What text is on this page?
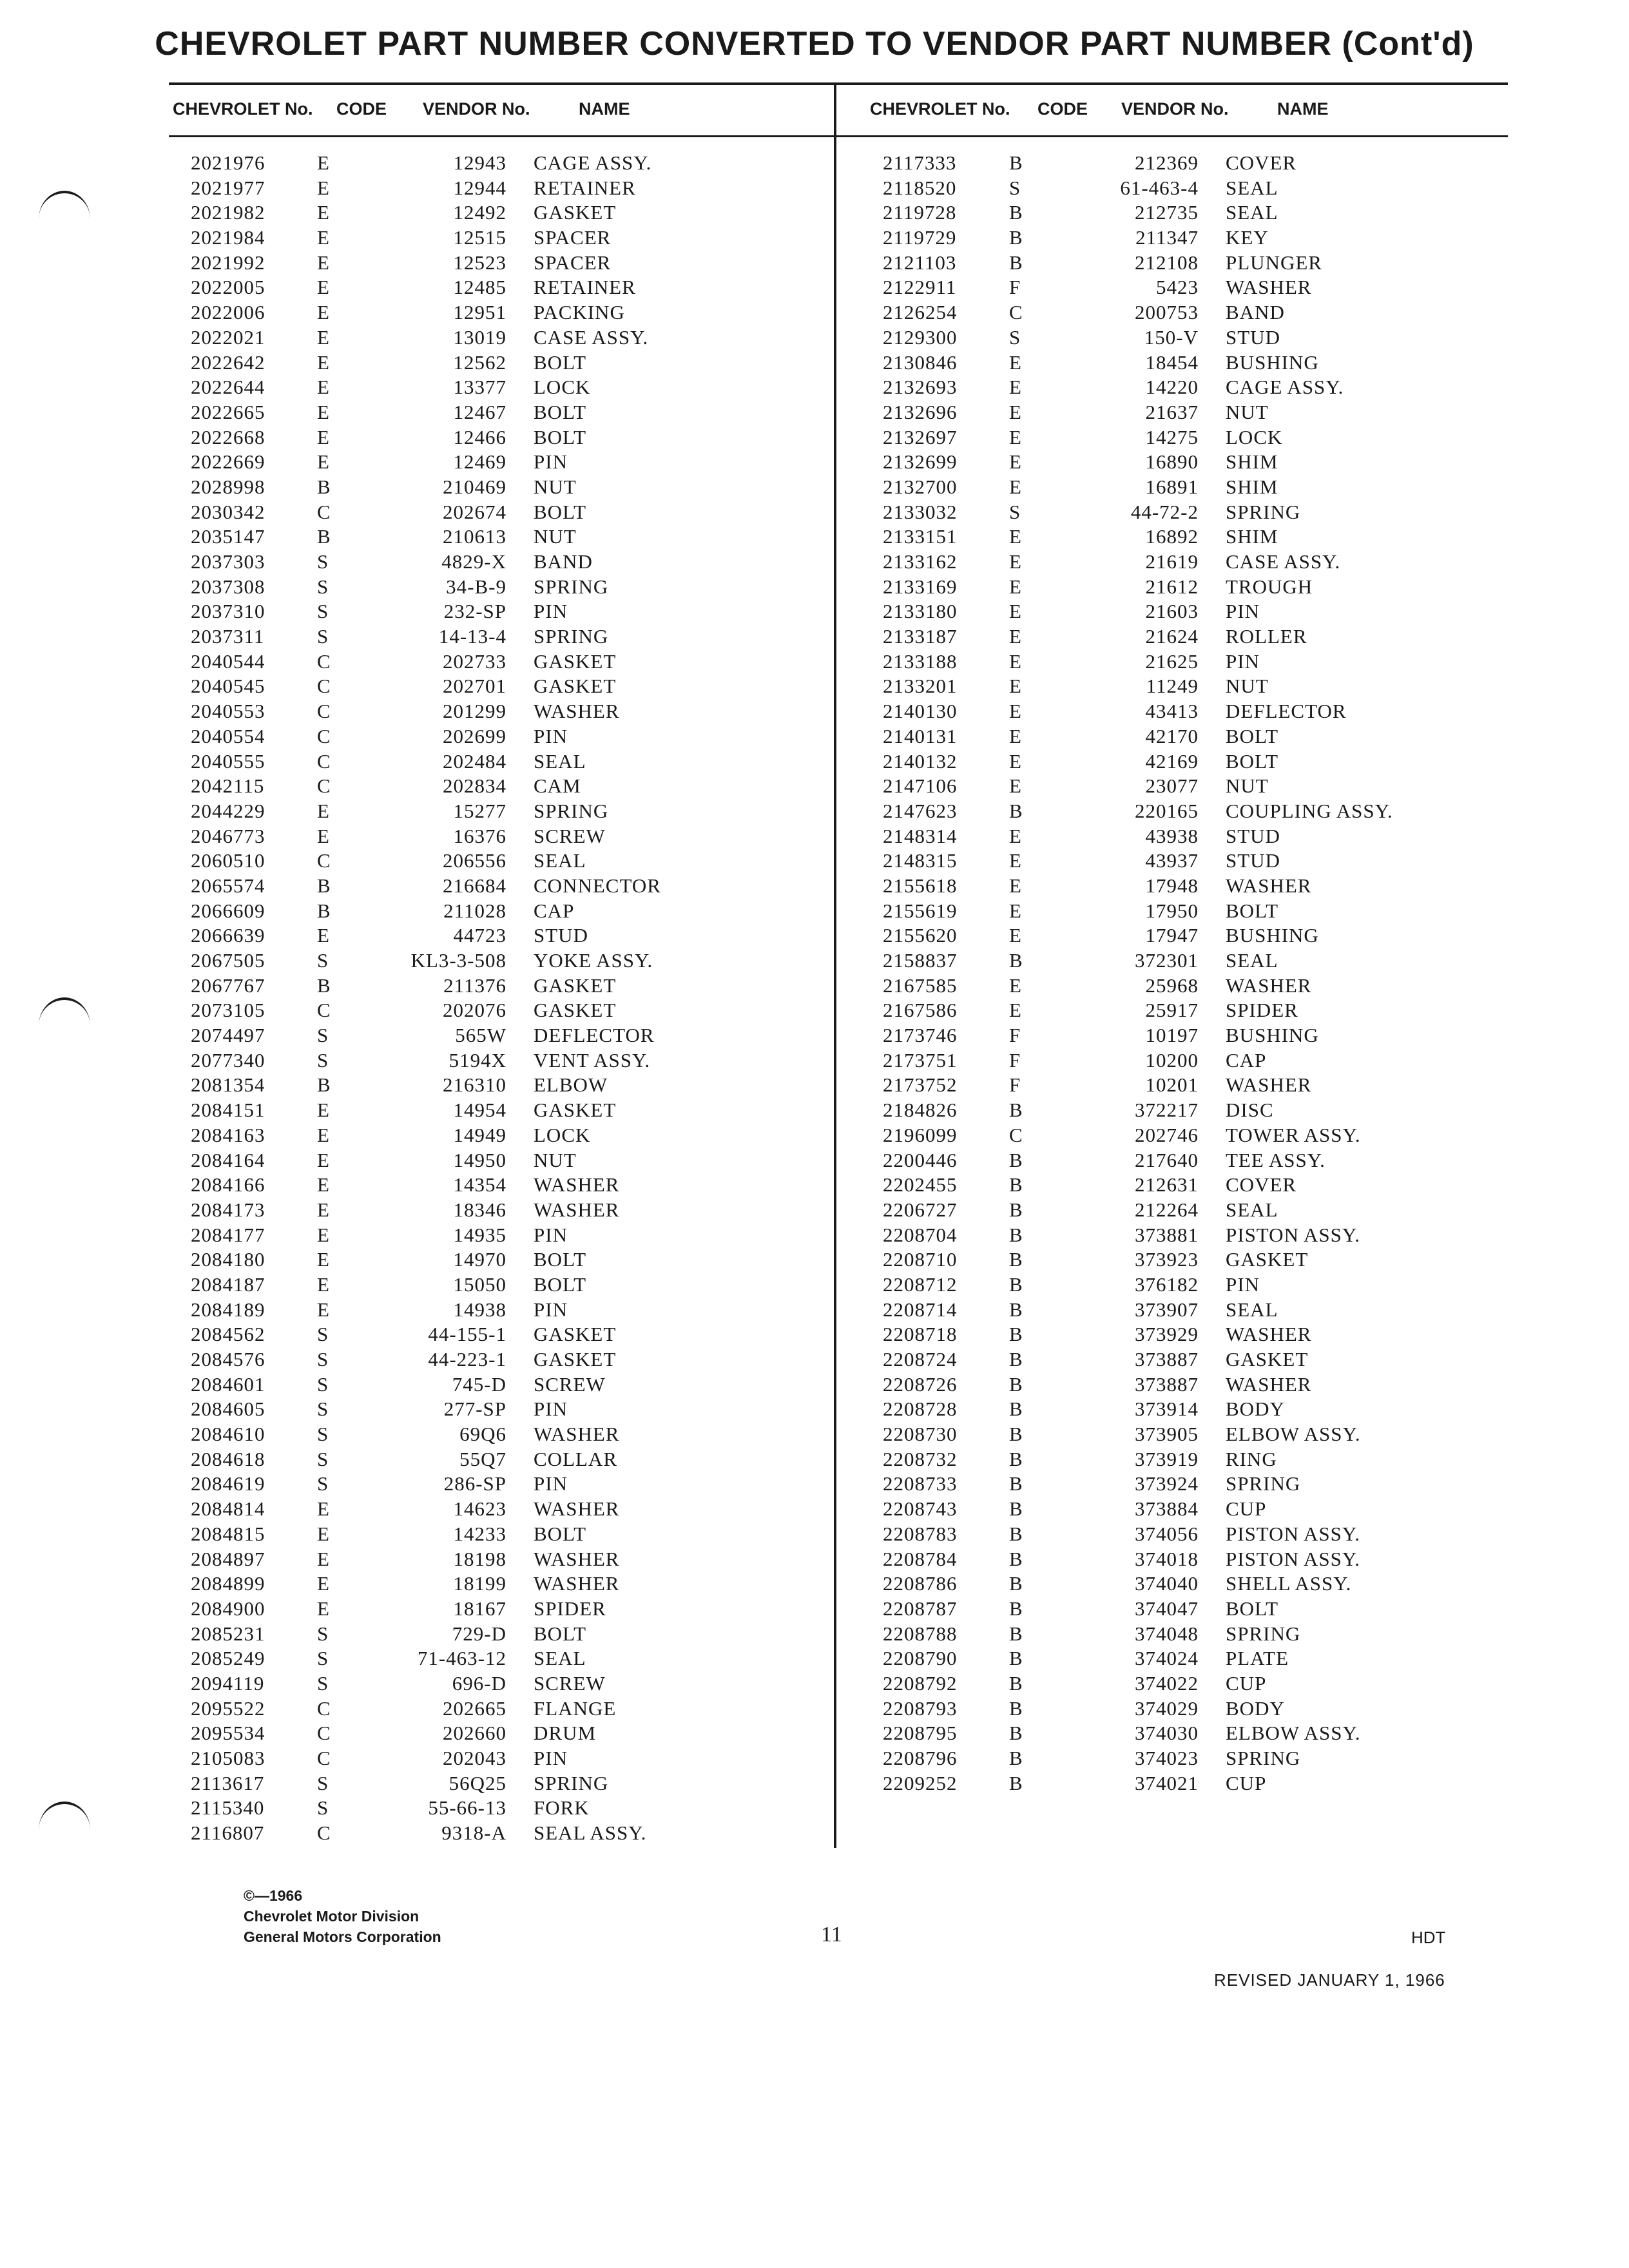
CHEVROLET PART NUMBER CONVERTED TO VENDOR PART NUMBER (Cont'd)
CHEVROLET No. CODE VENDOR No.	NAME	CHEVROLET No. CODE VENDOR No.	NAME
2021976	E	12943 CAGE ASSY.
2021977	E	12944 RETAINER
2021982	E	12492 GASKET
2021984	E	12515 SPACER
2021992	E	12523 SPACER
2022005	E	12485 RETAINER
2022006	E	12951 PACKING
2022021	E	13019 CASE ASSY.
2022642	E	12562 BOLT
2022644	E	13377 LOCK
2022665	E	12467 BOLT
2022668	E	12466 BOLT
2022669	E	12469 PIN
2028998	B	210469 NUT
2030342	C	202674 BOLT
2035147	B	210613 NUT
2037303	S	4829-X BAND
2037308	S	34-B-9 SPRING
2037310	S	232-SP PIN
2037311	S	14-13-4 SPRING
2040544	C	202733 GASKET
2040545	C	202701 GASKET
2040553	C	201299 WASHER
2040554	C	202699 PIN
2040555	C	202484 SEAL
2042115	C	202834 CAM
2044229	E	15277 SPRING
2046773	E	16376 SCREW
2060510	C	206556 SEAL
2065574	B	216684 CONNECTOR
2066609	B	211028 CAP
2066639	E	44723 STUD
2067505	S	KL3-3-508 YOKE ASSY.
2067767	B	211376 GASKET
2073105	C	202076 GASKET
2074497	S	565W DEFLECTOR
2077340	S	5194X VENT ASSY.
2081354	B	216310 ELBOW
2084151	E	14954 GASKET
2084163	E	14949 LOCK
2084164	E	14950 NUT
2084166	E	14354 WASHER
2084173	E	18346 WASHER
2084177	E	14935 PIN
2084180	E	14970 BOLT
2084187	E	15050 BOLT
2084189	E	14938 PIN
2084562	S	44-155-1 GASKET
2084576	S	44-223-1 GASKET
2084601	S	745-D SCREW
2084605	S	277-SP PIN
2084610	S	69Q6 WASHER
2084618	S	55Q7 COLLAR
2084619	S	286-SP PIN
2084814	E	14623 WASHER
2084815	E	14233 BOLT
2084897	E	18198 WASHER
2084899	E	18199 WASHER
2084900	E	18167 SPIDER
2085231	S	729-D BOLT
2085249	S	71-463-12 SEAL
2094119	S	696-D SCREW
2095522	C	202665 FLANGE
2095534	C	202660 DRUM
2105083	C	202043 PIN
2113617	S	56Q25 SPRING
2115340	S	55-66-13 FORK
2116807	C	9318-A SEAL ASSY.
2117333	B	212369 COVER
2118520	S	61-463-4 SEAL
2119728	B	212735 SEAL
2119729	B	211347 KEY
2121103	B	212108 PLUNGER
2122911	F	5423 WASHER
2126254	C	200753 BAND
2129300	S	150-V STUD
2130846	E	18454 BUSHING
2132693	E	14220 CAGE ASSY.
2132696	E	21637 NUT
2132697	E	14275 LOCK
2132699	E	16890 SHIM
2132700	E	16891 SHIM
2133032	S	44-72-2 SPRING
2133151	E	16892 SHIM
2133162	E	21619 CASE ASSY.
2133169	E	21612 TROUGH
2133180	E	21603 PIN
2133187	E	21624 ROLLER
2133188	E	21625 PIN
2133201	E	11249 NUT
2140130	E	43413 DEFLECTOR
2140131	E	42170 BOLT
2140132	E	42169 BOLT
2147106	E	23077 NUT
2147623	B	220165 COUPLING ASSY.
2148314	E	43938 STUD
2148315	E	43937 STUD
2155618	E	17948 WASHER
2155619	E	17950 BOLT
2155620	E	17947 BUSHING
2158837	B	372301 SEAL
2167585	E	25968 WASHER
2167586	E	25917 SPIDER
2173746	F	10197 BUSHING
2173751	F	10200 CAP
2173752	F	10201 WASHER
2184826	B	372217 DISC
2196099	C	202746 TOWER ASSY.
2200446	B	217640 TEE ASSY.
2202455	B	212631 COVER
2206727	B	212264 SEAL
2208704	B	373881 PISTON ASSY.
2208710	B	373923 GASKET
2208712	B	376182 PIN
2208714	B	373907 SEAL
2208718	B	373929 WASHER
2208724	B	373887 GASKET
2208726	B	373887 WASHER
2208728	B	373914 BODY
2208730	B	373905 ELBOW ASSY.
2208732	B	373919 RING
2208733	B	373924 SPRING
2208743	B	373884 CUP
2208783	B	374056 PISTON ASSY.
2208784	B	374018 PISTON ASSY.
2208786	B	374040 SHELL ASSY.
2208787	B	374047 BOLT
2208788	B	374048 SPRING
2208790	B	374024 PLATE
2208792	B	374022 CUP
2208793	B	374029 BODY
2208795	B	374030 ELBOW ASSY.
2208796	B	374023 SPRING
2209252	B	374021 CUP
©—1966
Chevrolet Motor Division
General Motors Corporation	11	HDT
REVISED JANUARY 1, 1966
